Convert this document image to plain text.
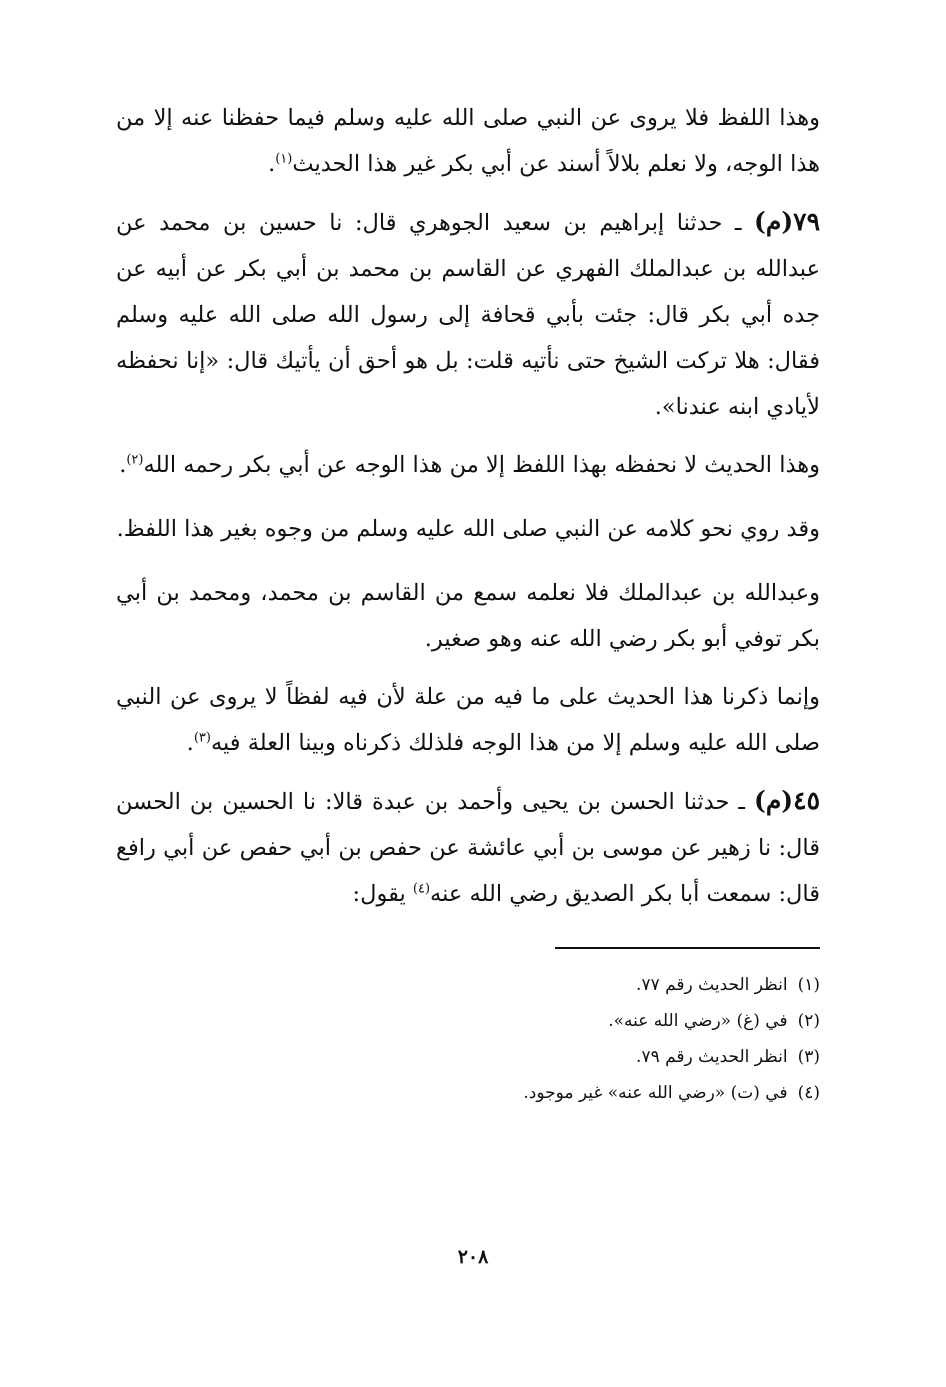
وهذا اللفظ فلا يروى عن النبي صلى الله عليه وسلم فيما حفظنا عنه إلا من هذا الوجه، ولا نعلم بلالاً أسند عن أبي بكر غير هذا الحديث$^{(١)}$.

٧٩(م) ـ حدثنا إبراهيم بن سعيد الجوهري قال: نا حسين بن محمد عن عبدالله بن عبدالملك الفهري عن القاسم بن محمد بن أبي بكر عن أبيه عن جده أبي بكر قال: جئت بأبي قحافة إلى رسول الله صلى الله عليه وسلم فقال: هلا تركت الشيخ حتى نأتيه قلت: بل هو أحق أن يأتيك قال: «إنا نحفظه لأيادي ابنه عندنا».

وهذا الحديث لا نحفظه بهذا اللفظ إلا من هذا الوجه عن أبي بكر رحمه الله$^{(٢)}$.

وقد روي نحو كلامه عن النبي صلى الله عليه وسلم من وجوه بغير هذا اللفظ.

وعبدالله بن عبدالملك فلا نعلمه سمع من القاسم بن محمد، ومحمد بن أبي بكر توفي أبو بكر رضي الله عنه وهو صغير.

وإنما ذكرنا هذا الحديث على ما فيه من علة لأن فيه لفظاً لا يروى عن النبي صلى الله عليه وسلم إلا من هذا الوجه فلذلك ذكرناه وبينا العلة فيه$^{(٣)}$.

٤٥(م) ـ حدثنا الحسن بن يحيى وأحمد بن عبدة قالا: نا الحسين بن الحسن قال: نا زهير عن موسى بن أبي عائشة عن حفص بن أبي حفص عن أبي رافع قال: سمعت أبا بكر الصديق رضي الله عنه$^{(٤)}$ يقول:

(١)انظر الحديث رقم ٧٧.
(٢)في (غ) «رضي الله عنه».
(٣)انظر الحديث رقم ٧٩.
(٤)في (ت) «رضي الله عنه» غير موجود.
٢٠٨
